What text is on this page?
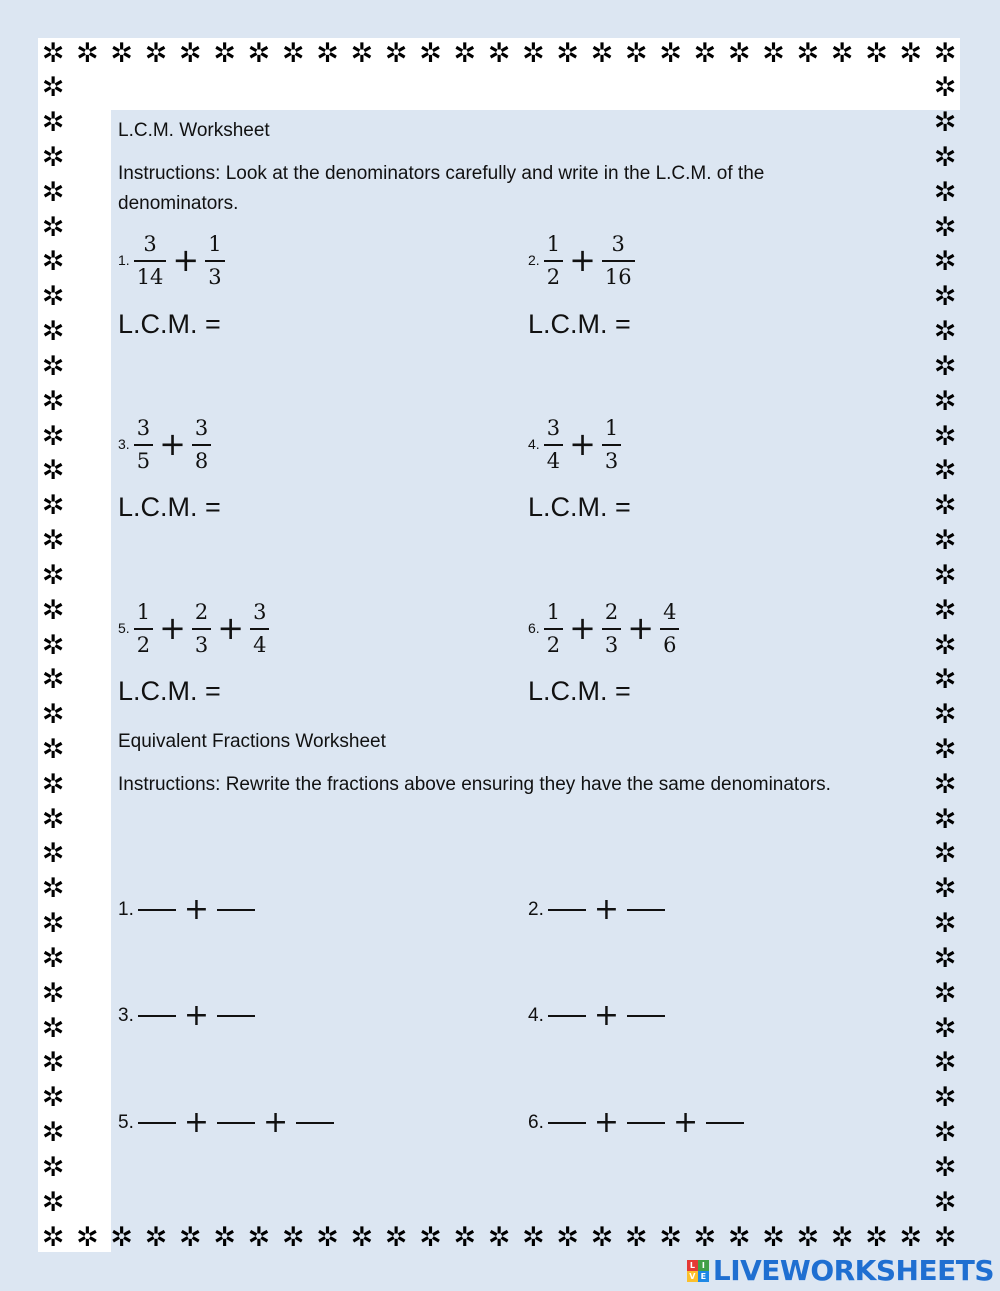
✲
✲
✲
✲
✲
✲
✲
✲
✲
✲
✲
✲
✲
✲
✲
✲
✲
✲
✲
✲
✲
✲
✲
✲
✲
✲
✲
✲
✲
✲
✲
✲
✲
✲
✲
✲
✲
✲
✲
✲
✲
✲
✲
✲
✲
✲
✲
✲
✲
✲
✲
✲
✲
✲
✲	✲
✲	✲
✲	✲
✲	✲
✲	✲
✲	✲
✲	✲
✲	✲
✲	✲
✲	✲
✲	✲
✲	✲
✲	✲
✲	✲
✲	✲
✲	✲
✲	✲
✲	✲
✲	✲
✲	✲
✲	✲
✲	✲
✲	✲
✲	✲
✲	✲
✲	✲
✲	✲
✲	✲
✲	✲
✲	✲
✲	✲
✲	✲
✲	✲
L.C.M. Worksheet
Instructions: Look at the denominators carefully and write in the L.C.M. of the denominators.
1. $\frac{3}{14} + \frac{1}{3}$
L.C.M. =
2. $\frac{1}{2} + \frac{3}{16}$
L.C.M. =
3. $\frac{3}{5} + \frac{3}{8}$
L.C.M. =
4. $\frac{3}{4} + \frac{1}{3}$
L.C.M. =
5. $\frac{1}{2} + \frac{2}{3} + \frac{3}{4}$
L.C.M. =
6. $\frac{1}{2} + \frac{2}{3} + \frac{4}{6}$
L.C.M. =
Equivalent Fractions Worksheet
Instructions: Rewrite the fractions above ensuring they have the same denominators.
1. +	2. +
3. +	4. +
5. + +	6. + +
L I
V E LIVEWORKSHEETS
